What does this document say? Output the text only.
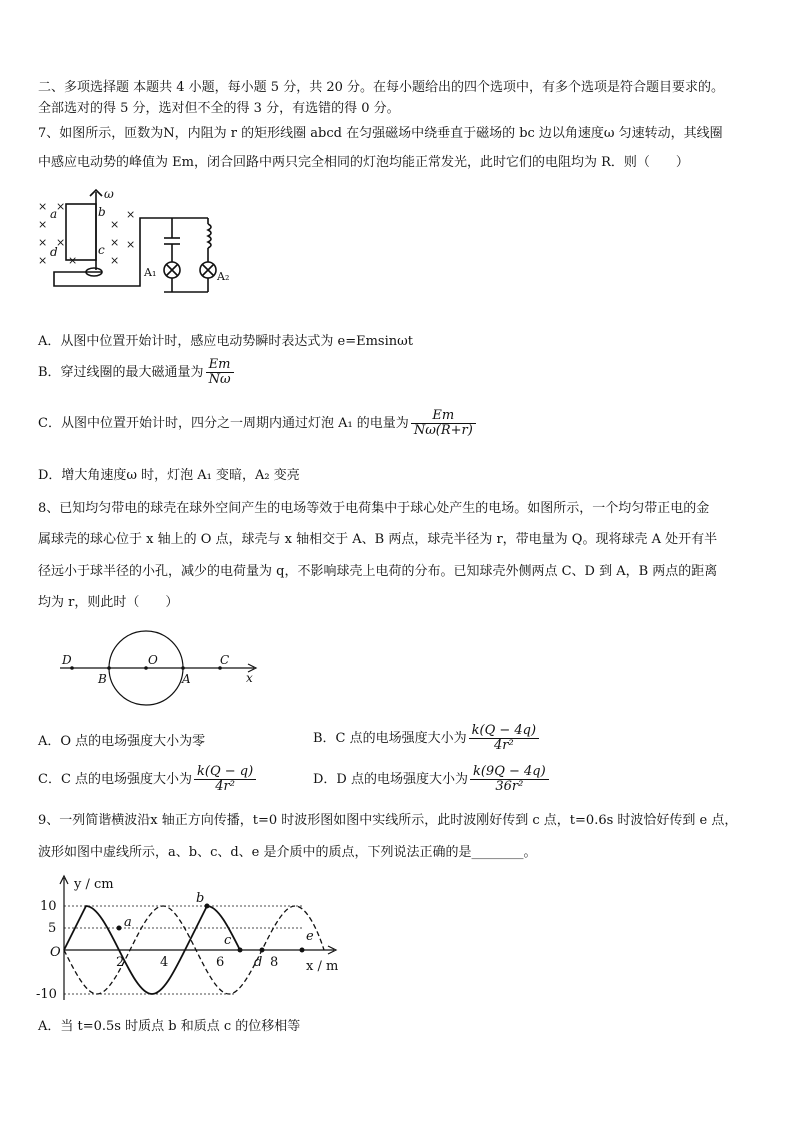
二、多项选择题 本题共 4 小题，每小题 5 分，共 20 分。在每小题给出的四个选项中，有多个选项是符合题目要求的。
全部选对的得 5 分，选对但不全的得 3 分，有选错的得 0 分。
7、如图所示，匝数为N，内阻为 r 的矩形线圈 abcd 在匀强磁场中绕垂直于磁场的 bc 边以角速度ω 匀速转动，其线圈
中感应电动势的峰值为 Em，闭合回路中两只完全相同的灯泡均能正常发光，此时它们的电阻均为 R．则（　　）
×
×
×
×
×
×
×
×
×
×
×
×
ω
a	b
c
d
A₁	A₂
A．从图中位置开始计时，感应电动势瞬时表达式为 e=Emsinωt
B．穿过线圈的最大磁通量为 $\frac{Em}{N\omega}$
C．从图中位置开始计时，四分之一周期内通过灯泡 A₁ 的电量为 $\frac{Em}{N\omega(R+r)}$
D．增大角速度ω 时，灯泡 A₁ 变暗，A₂ 变亮
8、已知均匀带电的球壳在球外空间产生的电场等效于电荷集中于球心处产生的电场。如图所示，一个均匀带正电的金
属球壳的球心位于 x 轴上的 O 点，球壳与 x 轴相交于 A、B 两点，球壳半径为 r，带电量为 Q。现将球壳 A 处开有半
径远小于球半径的小孔，减少的电荷量为 q，不影响球壳上电荷的分布。已知球壳外侧两点 C、D 到 A，B 两点的距离
均为 r，则此时（　　）
D	O	C
B	A	x
A．O 点的电场强度大小为零	B．C 点的电场强度大小为 $\frac{k(Q - 4q)}{\text{4r²}}$
C．C 点的电场强度大小为 $\frac{k(Q - q)}{\text{4r²}}$	D．D 点的电场强度大小为 $\frac{k(9Q - 4q)}{\text{36r²}}$
9、一列简谐横波沿x 轴正方向传播，t=0 时波形图如图中实线所示，此时波刚好传到 c 点，t=0.6s 时波恰好传到 e 点，
波形如图中虚线所示，a、b、c、d、e 是介质中的质点，下列说法正确的是________。
y / cm
x / m
10
5
O
-10
2	4	6	8
a
b
c
d
e
A．当 t=0.5s 时质点 b 和质点 c 的位移相等
